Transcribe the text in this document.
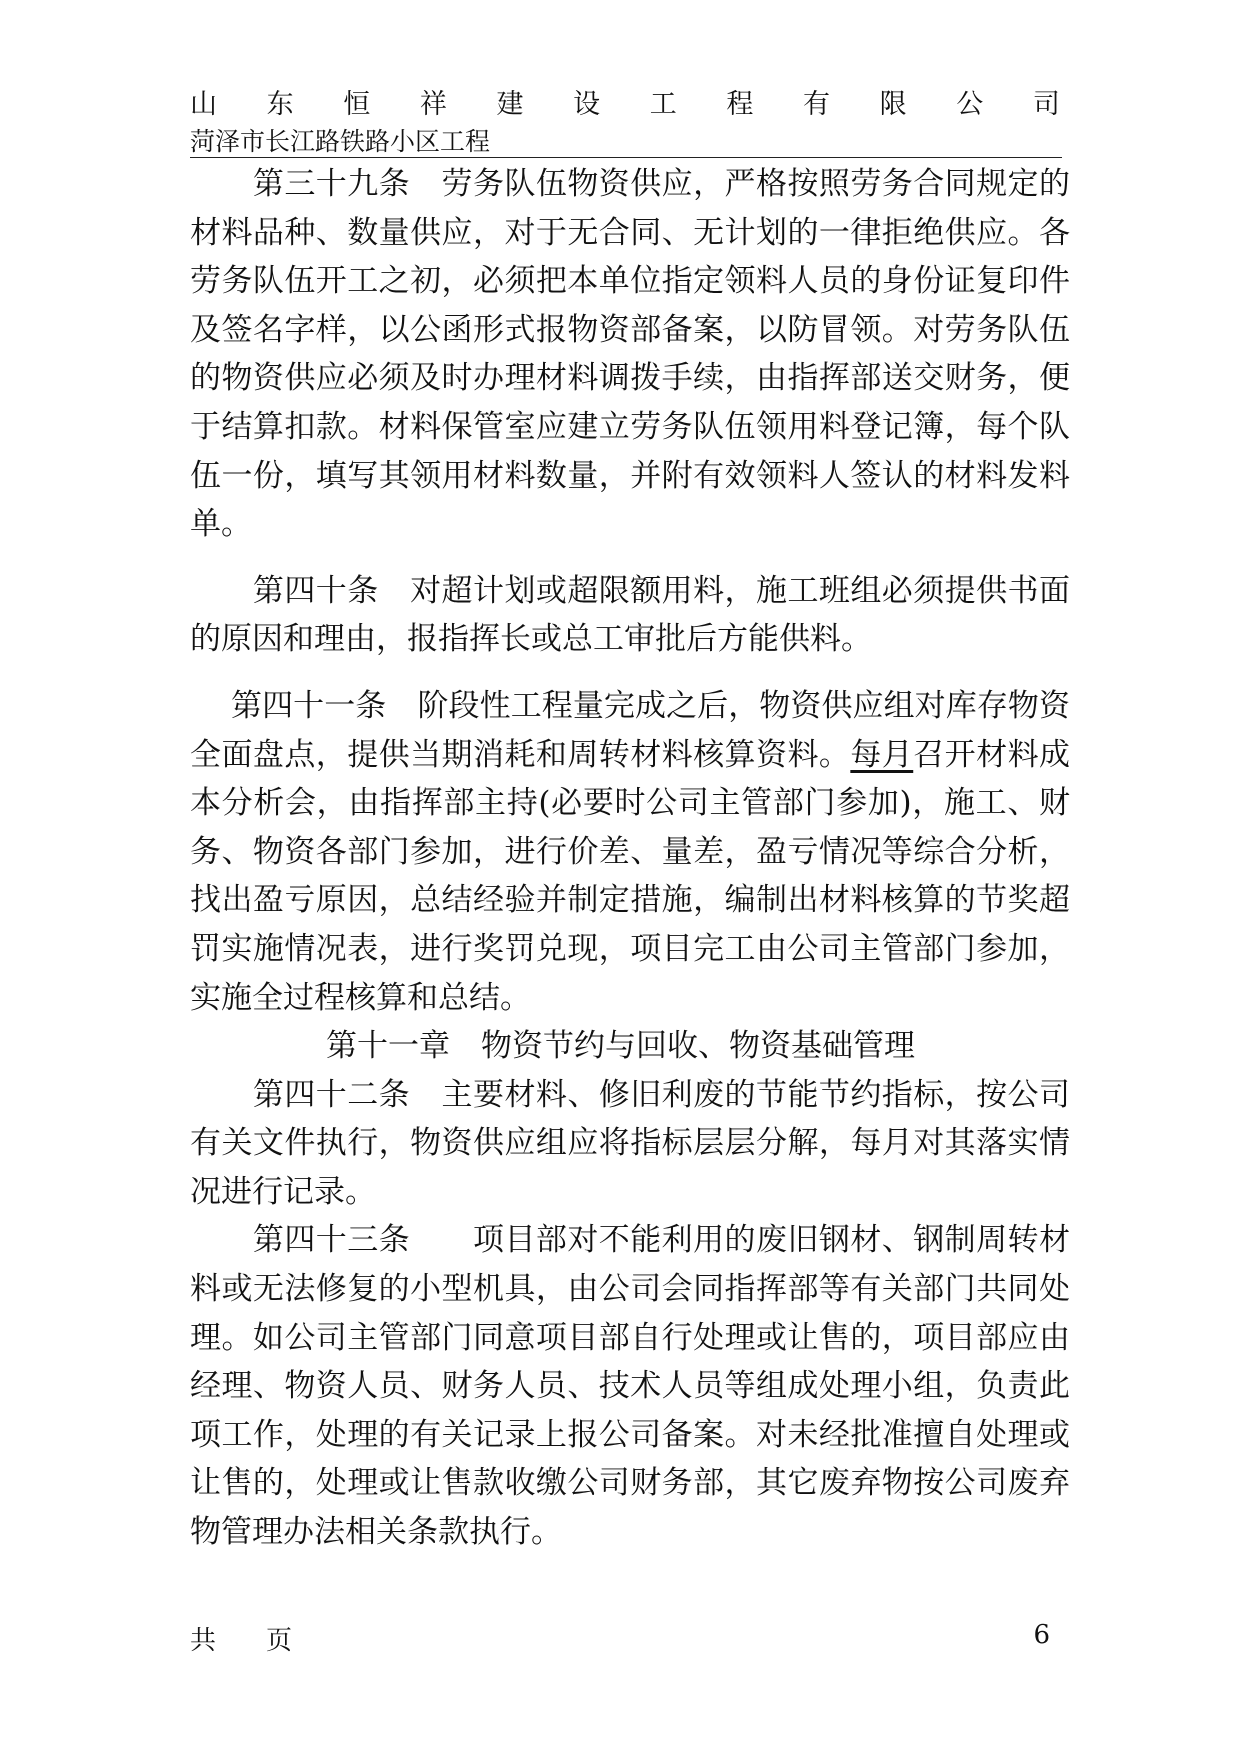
山 东 恒 祥 建 设 工 程 有 限 公 司
菏泽市长江路铁路小区工程

　　第三十九条　劳务队伍物资供应，严格按照劳务合同规定的材料品种、数量供应，对于无合同、无计划的一律拒绝供应。各劳务队伍开工之初，必须把本单位指定领料人员的身份证复印件及签名字样，以公函形式报物资部备案，以防冒领。对劳务队伍的物资供应必须及时办理材料调拨手续，由指挥部送交财务，便于结算扣款。材料保管室应建立劳务队伍领用料登记簿，每个队伍一份，填写其领用材料数量，并附有效领料人签认的材料发料单。

　　第四十条　对超计划或超限额用料，施工班组必须提供书面的原因和理由，报指挥长或总工审批后方能供料。

　 第四十一条　阶段性工程量完成之后，物资供应组对库存物资全面盘点，提供当期消耗和周转材料核算资料。每月召开材料成本分析会，由指挥部主持(必要时公司主管部门参加)，施工、财务、物资各部门参加，进行价差、量差，盈亏情况等综合分析，找出盈亏原因，总结经验并制定措施，编制出材料核算的节奖超罚实施情况表，进行奖罚兑现，项目完工由公司主管部门参加，实施全过程核算和总结。

第十一章　物资节约与回收、物资基础管理

　　第四十二条　主要材料、修旧利废的节能节约指标，按公司有关文件执行，物资供应组应将指标层层分解，每月对其落实情况进行记录。

　　第四十三条　　项目部对不能利用的废旧钢材、钢制周转材料或无法修复的小型机具，由公司会同指挥部等有关部门共同处理。如公司主管部门同意项目部自行处理或让售的，项目部应由经理、物资人员、财务人员、技术人员等组成处理小组，负责此项工作，处理的有关记录上报公司备案。对未经批准擅自处理或让售的，处理或让售款收缴公司财务部，其它废弃物按公司废弃物管理办法相关条款执行。

共 页	6
